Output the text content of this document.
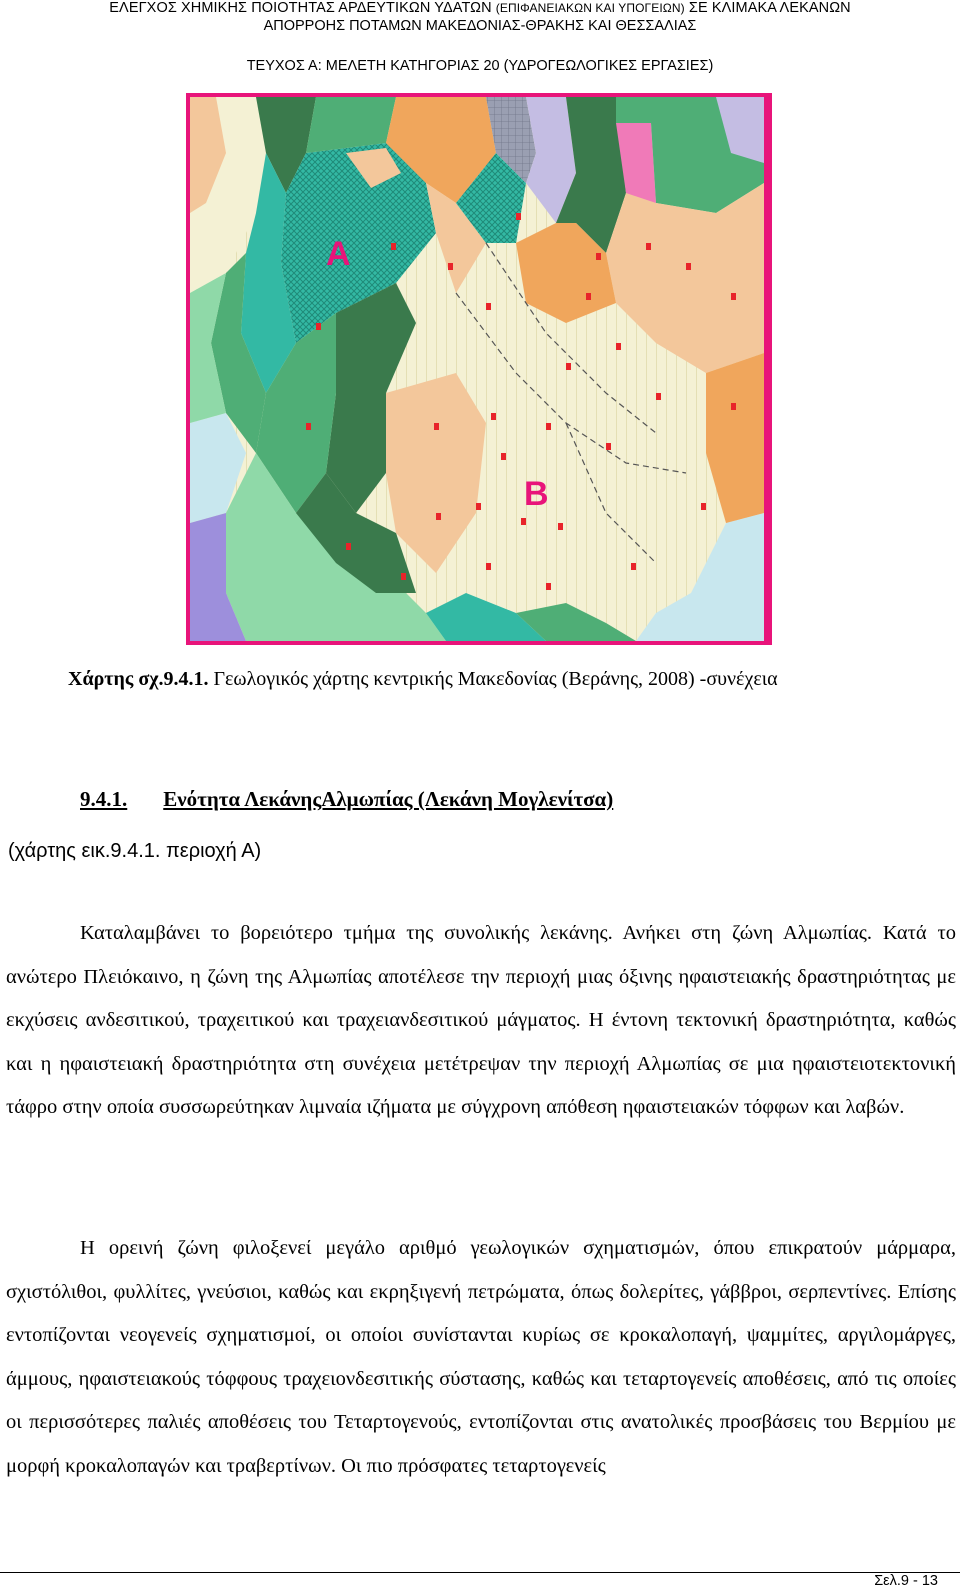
ΕΛΕΓΧΟΣ ΧΗΜΙΚΗΣ ΠΟΙΟΤΗΤΑΣ ΑΡΔΕΥΤΙΚΩΝ ΥΔΑΤΩΝ (ΕΠΙΦΑΝΕΙΑΚΩΝ ΚΑΙ ΥΠΟΓΕΙΩΝ) ΣΕ ΚΛΙΜΑΚΑ ΛΕΚΑΝΩΝ
ΑΠΟΡΡΟΗΣ ΠΟΤΑΜΩΝ ΜΑΚΕΔΟΝΙΑΣ-ΘΡΑΚΗΣ ΚΑΙ ΘΕΣΣΑΛΙΑΣ
ΤΕΥΧΟΣ Α: ΜΕΛΕΤΗ ΚΑΤΗΓΟΡΙΑΣ 20 (ΥΔΡΟΓΕΩΛΟΓΙΚΕΣ ΕΡΓΑΣΙΕΣ)
A
B
Χάρτης σχ.9.4.1. Γεωλογικός χάρτης κεντρικής Μακεδονίας (Βεράνης, 2008) -συνέχεια
9.4.1. Ενότητα ΛεκάνηςΑλμωπίας (Λεκάνη Μογλενίτσα)
(χάρτης εικ.9.4.1. περιοχή Α)
Καταλαμβάνει το βορειότερο τμήμα της συνολικής λεκάνης. Ανήκει στη ζώνη Αλμωπίας. Κατά το ανώτερο Πλειόκαινο, η ζώνη της Αλμωπίας αποτέλεσε την περιοχή μιας όξινης ηφαιστειακής δραστηριότητας με εκχύσεις ανδεσιτικού, τραχειτικού και τραχειανδεσιτικού μάγματος. Η έντονη τεκτονική δραστηριότητα, καθώς και η ηφαιστειακή δραστηριότητα στη συνέχεια μετέτρεψαν την περιοχή Αλμωπίας σε μια ηφαιστειοτεκτονική τάφρο στην οποία συσσωρεύτηκαν λιμναία ιζήματα με σύγχρονη απόθεση ηφαιστειακών τόφφων και λαβών.
Η ορεινή ζώνη φιλοξενεί μεγάλο αριθμό γεωλογικών σχηματισμών, όπου επικρατούν μάρμαρα, σχιστόλιθοι, φυλλίτες, γνεύσιοι, καθώς και εκρηξιγενή πετρώματα, όπως δολερίτες, γάββροι, σερπεντίνες. Επίσης εντοπίζονται νεογενείς σχηματισμοί, οι οποίοι συνίστανται κυρίως σε κροκαλοπαγή, ψαμμίτες, αργιλομάργες, άμμους, ηφαιστειακούς τόφφους τραχειονδεσιτικής σύστασης, καθώς και τεταρτογενείς αποθέσεις, από τις οποίες οι περισσότερες παλιές αποθέσεις του Τεταρτογενούς, εντοπίζονται στις ανατολικές προσβάσεις του Βερμίου με μορφή κροκαλοπαγών και τραβερτίνων. Οι πιο πρόσφατες τεταρτογενείς
Σελ.9 - 13
